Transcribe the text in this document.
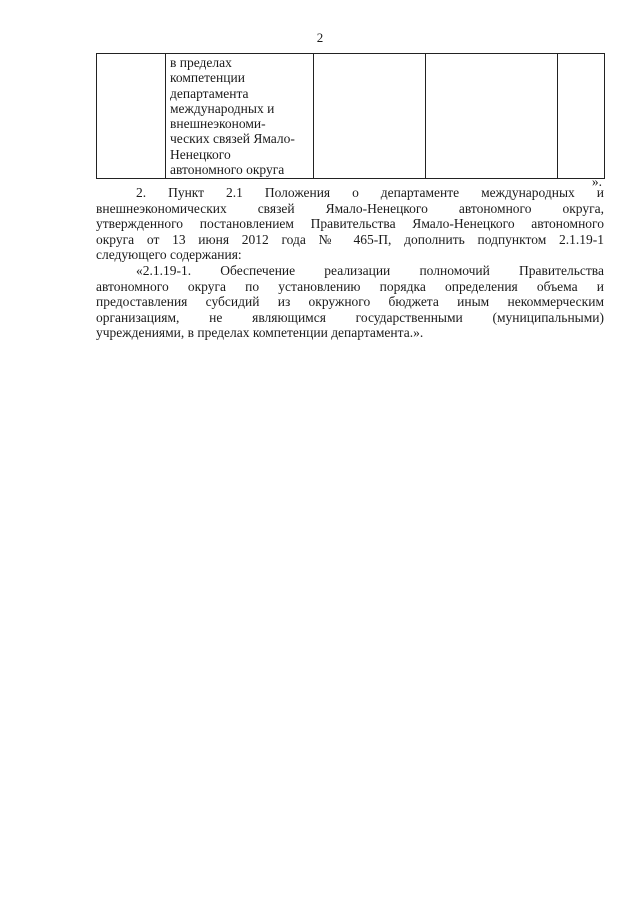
2

в пределах
компетенции
департамента
международных и
внешнеэкономи-
ческих связей Ямало-
Ненецкого
автономного округа

».
2. Пункт 2.1 Положения о департаменте международных и
внешнеэкономических связей Ямало-Ненецкого автономного округа,
утвержденного постановлением Правительства Ямало-Ненецкого автономного
округа от 13 июня 2012 года № 465-П, дополнить подпунктом 2.1.19-1
следующего содержания:
«2.1.19-1. Обеспечение реализации полномочий Правительства
автономного округа по установлению порядка определения объема и
предоставления субсидий из окружного бюджета иным некоммерческим
организациям, не являющимся государственными (муниципальными)
учреждениями, в пределах компетенции департамента.».
